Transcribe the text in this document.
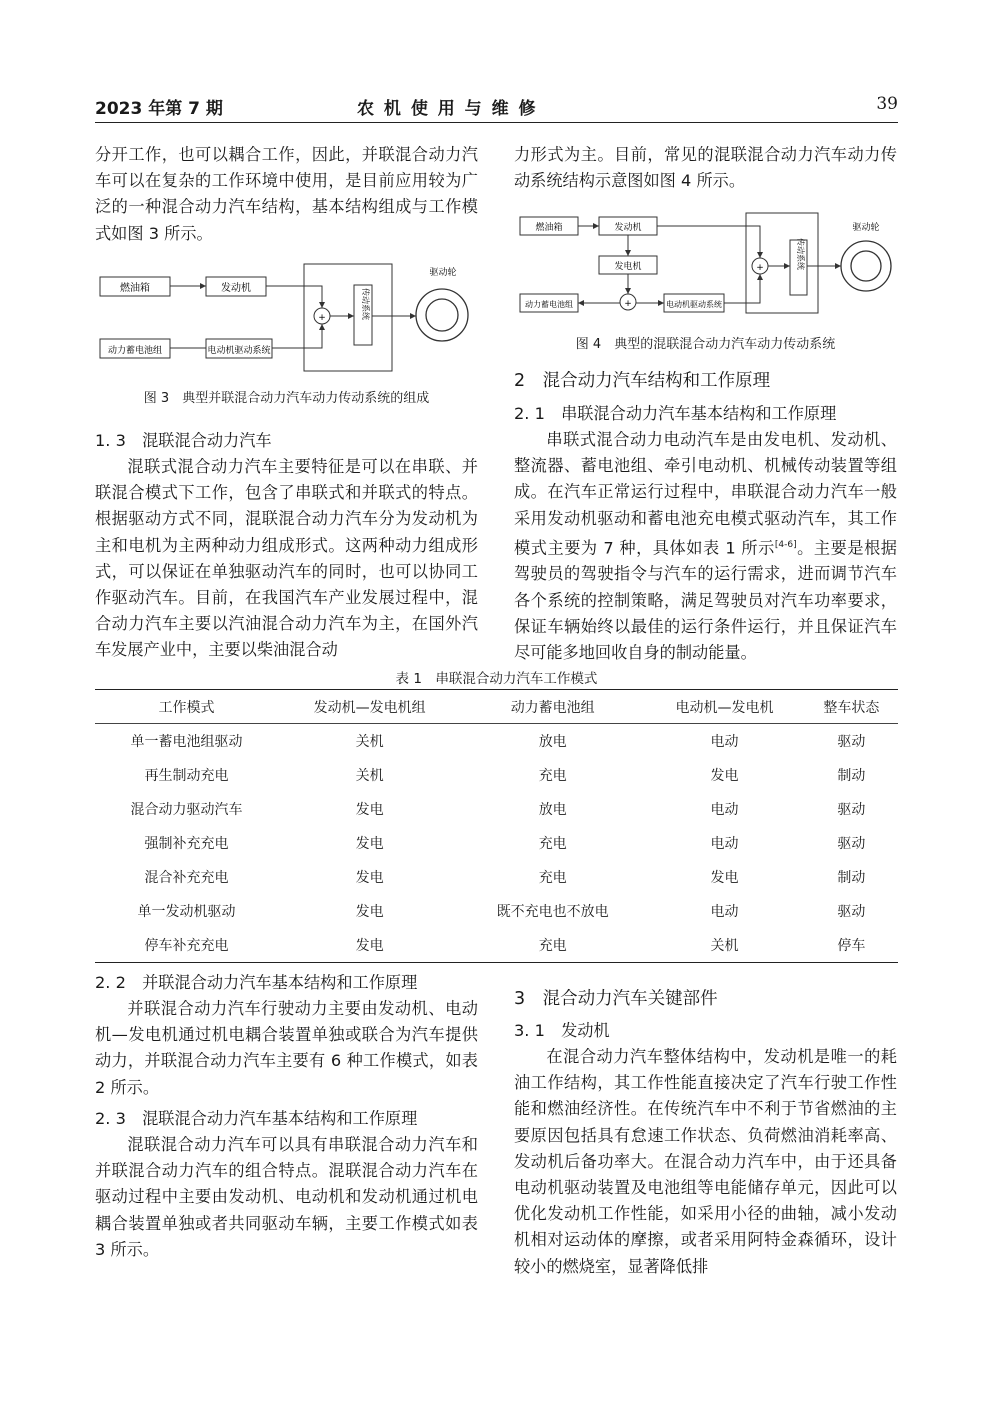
2023 年第 7 期	农 机 使 用 与 维 修	39
分开工作，也可以耦合工作，因此，并联混合动力汽车可以在复杂的工作环境中使用，是目前应用较为广泛的一种混合动力汽车结构，基本结构组成与工作模式如图 3 所示。
燃油箱	发动机
动力蓄电池组	电动机驱动系统
+	传动系统
驱动轮
图 3　典型并联混合动力汽车动力传动系统的组成
1. 3　混联混合动力汽车
混联式混合动力汽车主要特征是可以在串联、并联混合模式下工作，包含了串联式和并联式的特点。根据驱动方式不同，混联混合动力汽车分为发动机为主和电机为主两种动力组成形式。这两种动力组成形式，可以保证在单独驱动汽车的同时，也可以协同工作驱动汽车。目前，在我国汽车产业发展过程中，混合动力汽车主要以汽油混合动力汽车为主，在国外汽车发展产业中，主要以柴油混合动
力形式为主。目前，常见的混联混合动力汽车动力传动系统结构示意图如图 4 所示。
燃油箱	发动机
发电机
动力蓄电池组	电动机驱动系统
+
+
传动系统
驱动轮
图 4　典型的混联混合动力汽车动力传动系统
2　混合动力汽车结构和工作原理
2. 1　串联混合动力汽车基本结构和工作原理
串联式混合动力电动汽车是由发电机、发动机、整流器、蓄电池组、牵引电动机、机械传动装置等组成。在汽车正常运行过程中，串联混合动力汽车一般采用发动机驱动和蓄电池充电模式驱动汽车，其工作模式主要为 7 种，具体如表 1 所示[4-6]。主要是根据驾驶员的驾驶指令与汽车的运行需求，进而调节汽车各个系统的控制策略，满足驾驶员对汽车功率要求，保证车辆始终以最佳的运行条件运行，并且保证汽车尽可能多地回收自身的制动能量。
表 1　串联混合动力汽车工作模式
工作模式	发动机—发电机组	动力蓄电池组	电动机—发电机	整车状态
单一蓄电池组驱动	关机	放电	电动	驱动
再生制动充电	关机	充电	发电	制动
混合动力驱动汽车	发电	放电	电动	驱动
强制补充充电	发电	充电	电动	驱动
混合补充充电	发电	充电	发电	制动
单一发动机驱动	发电	既不充电也不放电	电动	驱动
停车补充充电	发电	充电	关机	停车
2. 2　并联混合动力汽车基本结构和工作原理
并联混合动力汽车行驶动力主要由发动机、电动机—发电机通过机电耦合装置单独或联合为汽车提供动力，并联混合动力汽车主要有 6 种工作模式，如表 2 所示。
2. 3　混联混合动力汽车基本结构和工作原理
混联混合动力汽车可以具有串联混合动力汽车和并联混合动力汽车的组合特点。混联混合动力汽车在驱动过程中主要由发动机、电动机和发动机通过机电耦合装置单独或者共同驱动车辆，主要工作模式如表 3 所示。
3　混合动力汽车关键部件
3. 1　发动机
在混合动力汽车整体结构中，发动机是唯一的耗油工作结构，其工作性能直接决定了汽车行驶工作性能和燃油经济性。在传统汽车中不利于节省燃油的主要原因包括具有怠速工作状态、负荷燃油消耗率高、发动机后备功率大。在混合动力汽车中，由于还具备电动机驱动装置及电池组等电能储存单元，因此可以优化发动机工作性能，如采用小径的曲轴，减小发动机相对运动体的摩擦，或者采用阿特金森循环，设计较小的燃烧室，显著降低排
